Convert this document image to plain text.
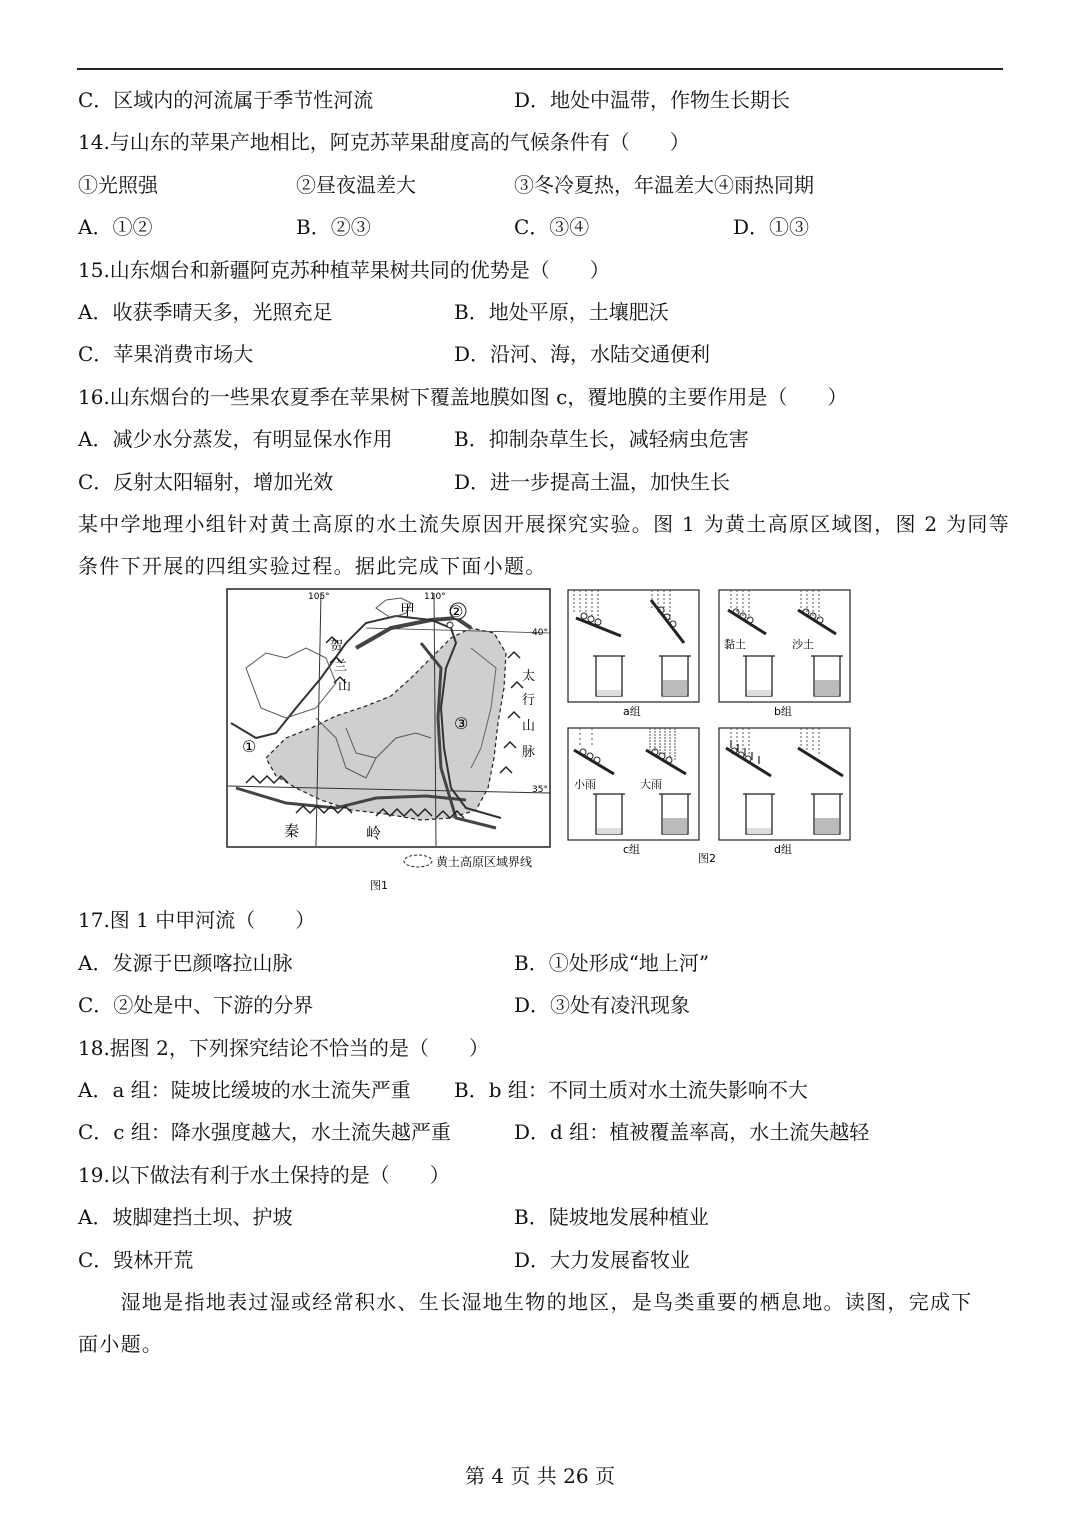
C．区域内的河流属于季节性河流	D．地处中温带，作物生长期长
14.与山东的苹果产地相比，阿克苏苹果甜度高的气候条件有（　　）
①光照强	②昼夜温差大	③冬冷夏热，年温差大④雨热同期
A．①②	B．②③	C．③④	D．①③
15.山东烟台和新疆阿克苏种植苹果树共同的优势是（　　）
A．收获季晴天多，光照充足	B．地处平原，土壤肥沃
C．苹果消费市场大	D．沿河、海，水陆交通便利
16.山东烟台的一些果农夏季在苹果树下覆盖地膜如图 c，覆地膜的主要作用是（　　）
A．减少水分蒸发，有明显保水作用	B．抑制杂草生长，减轻病虫危害
C．反射太阳辐射，增加光效	D．进一步提高土温，加快生长
某中学地理小组针对黄土高原的水土流失原因开展探究实验。图 1 为黄土高原区域图，图 2 为同等
条件下开展的四组实验过程。据此完成下面小题。
105°	110°
40°
35°
甲 ②
③
①
贺
兰
山
太
行
山
脉
秦	岭
黄土高原区域界线
图1
a组
黏土	沙土
b组
小雨	大雨
c组	d组
图2
17.图 1 中甲河流（　　）
A．发源于巴颜喀拉山脉	B．①处形成“地上河”
C．②处是中、下游的分界	D．③处有凌汛现象
18.据图 2，下列探究结论不恰当的是（　　）
A．a 组：陡坡比缓坡的水土流失严重 B．b 组：不同土质对水土流失影响不大
C．c 组：降水强度越大，水土流失越严重	D．d 组：植被覆盖率高，水土流失越轻
19.以下做法有利于水土保持的是（　　）
A．坡脚建挡土坝、护坡	B．陡坡地发展种植业
C．毁林开荒	D．大力发展畜牧业
　　湿地是指地表过湿或经常积水、生长湿地生物的地区，是鸟类重要的栖息地。读图，完成下
面小题。
第 4 页 共 26 页
